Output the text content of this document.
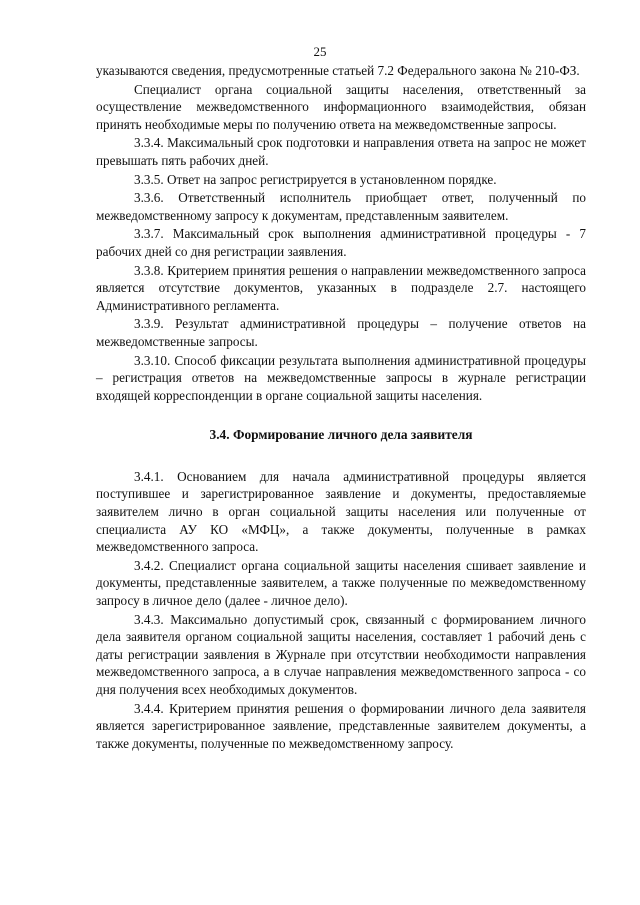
25

указываются сведения, предусмотренные статьей 7.2 Федерального закона № 210-ФЗ.

Специалист органа социальной защиты населения, ответственный за осуществление межведомственного информационного взаимодействия, обязан принять необходимые меры по получению ответа на межведомственные запросы.

3.3.4. Максимальный срок подготовки и направления ответа на запрос не может превышать пять рабочих дней.

3.3.5. Ответ на запрос регистрируется в установленном порядке.

3.3.6. Ответственный исполнитель приобщает ответ, полученный по межведомственному запросу к документам, представленным заявителем.

3.3.7. Максимальный срок выполнения административной процедуры - 7 рабочих дней со дня регистрации заявления.

3.3.8. Критерием принятия решения о направлении межведомственного запроса является отсутствие документов, указанных в подразделе 2.7. настоящего Административного регламента.

3.3.9. Результат административной процедуры – получение ответов на межведомственные запросы.

3.3.10. Способ фиксации результата выполнения административной процедуры – регистрация ответов на межведомственные запросы в журнале регистрации входящей корреспонденции в органе социальной защиты населения.

3.4. Формирование личного дела заявителя

3.4.1. Основанием для начала административной процедуры является поступившее и зарегистрированное заявление и документы, предоставляемые заявителем лично в орган социальной защиты населения или полученные от специалиста АУ КО «МФЦ», а также документы, полученные в рамках межведомственного запроса.

3.4.2. Специалист органа социальной защиты населения сшивает заявление и документы, представленные заявителем, а также полученные по межведомственному запросу в личное дело (далее - личное дело).

3.4.3. Максимально допустимый срок, связанный с формированием личного дела заявителя органом социальной защиты населения, составляет 1 рабочий день с даты регистрации заявления в Журнале при отсутствии необходимости направления межведомственного запроса, а в случае направления межведомственного запроса - со дня получения всех необходимых документов.

3.4.4. Критерием принятия решения о формировании личного дела заявителя является зарегистрированное заявление, представленные заявителем документы, а также документы, полученные по межведомственному запросу.
